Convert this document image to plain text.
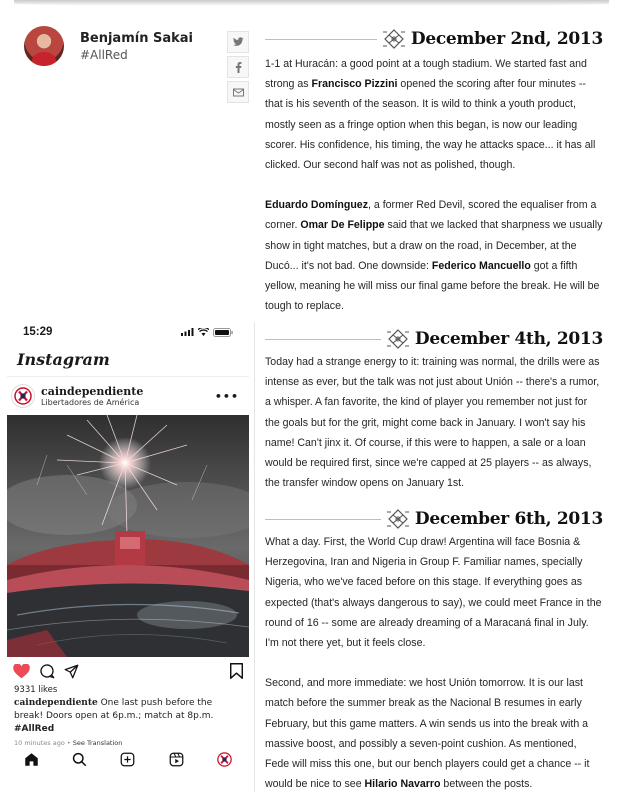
Benjamín Sakai
#AllRed
December 2nd, 2013

1-1 at Huracán: a good point at a tough stadium. We started fast and strong as Francisco Pizzini opened the scoring after four minutes -- that is his seventh of the season. It is wild to think a youth product, mostly seen as a fringe option when this began, is now our leading scorer. His confidence, his timing, the way he attacks space... it has all clicked. Our second half was not as polished, though.

Eduardo Domínguez, a former Red Devil, scored the equaliser from a corner. Omar De Felippe said that we lacked that sharpness we usually show in tight matches, but a draw on the road, in December, at the Ducó... it's not bad. One downside: Federico Mancuello got a fifth yellow, meaning he will miss our final game before the break. He will be tough to replace.

December 4th, 2013

Today had a strange energy to it: training was normal, the drills were as intense as ever, but the talk was not just about Unión -- there's a rumor, a whisper. A fan favorite, the kind of player you remember not just for the goals but for the grit, might come back in January. I won't say his name! Can't jinx it. Of course, if this were to happen, a sale or a loan would be required first, since we're capped at 25 players -- as always, the transfer window opens on January 1st.

December 6th, 2013

What a day. First, the World Cup draw! Argentina will face Bosnia & Herzegovina, Iran and Nigeria in Group F. Familiar names, specially Nigeria, who we've faced before on this stage. If everything goes as expected (that's always dangerous to say), we could meet France in the round of 16 -- some are already dreaming of a Maracaná final in July. I'm not there yet, but it feels close.

Second, and more immediate: we host Unión tomorrow. It is our last match before the summer break as the Nacional B resumes in early February, but this game matters. A win sends us into the break with a massive boost, and possibly a seven-point cushion. As mentioned, Fede will miss this one, but our bench players could get a chance -- it would be nice to see Hilario Navarro between the posts.

15:29
Instagram
caindependiente
Libertadores de América	•••
9331 likes
caindependiente One last push before the break! Doors open at 6p.m.; match at 8p.m. #AllRed
10 minutes ago • See Translation
